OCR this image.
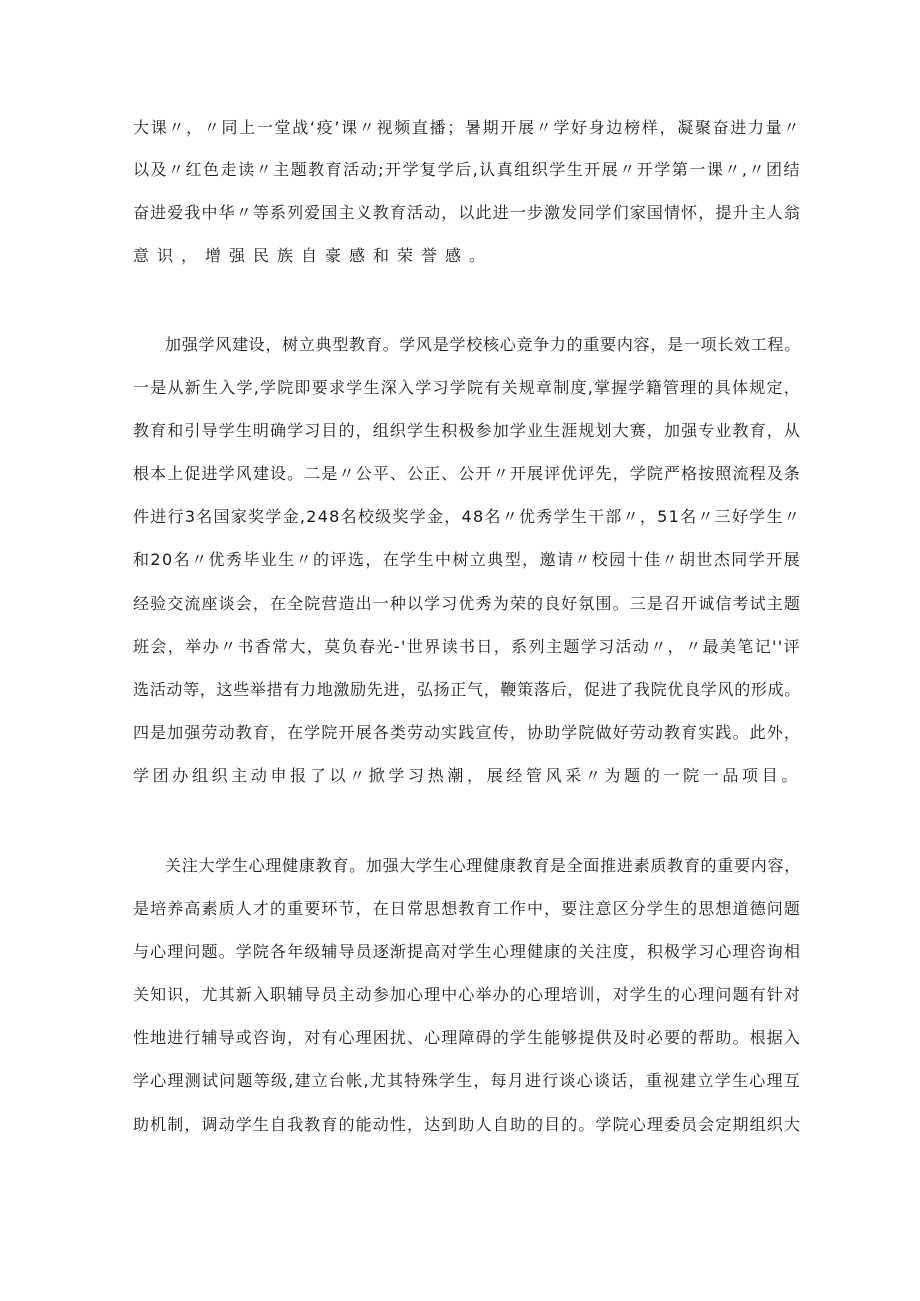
大课〃，〃同上一堂战‘疫’课〃视频直播；暑期开展〃学好身边榜样，凝聚奋进力量〃
以及〃红色走读〃主题教育活动;开学复学后,认真组织学生开展〃开学第一课〃,〃团结
奋进爱我中华〃等系列爱国主义教育活动，以此进一步激发同学们家国情怀，提升主人翁
意识，增强民族自豪感和荣誉感。
加强学风建设，树立典型教育。学风是学校核心竞争力的重要内容，是一项长效工程。
一是从新生入学,学院即要求学生深入学习学院有关规章制度,掌握学籍管理的具体规定，
教育和引导学生明确学习目的，组织学生积极参加学业生涯规划大赛，加强专业教育，从
根本上促进学风建设。二是〃公平、公正、公开〃开展评优评先，学院严格按照流程及条
件进行3名国家奖学金,248名校级奖学金，48名〃优秀学生干部〃，51名〃三好学生〃
和20名〃优秀毕业生〃的评选，在学生中树立典型，邀请〃校园十佳〃胡世杰同学开展
经验交流座谈会，在全院营造出一种以学习优秀为荣的良好氛围。三是召开诚信考试主题
班会，举办〃书香常大，莫负春光-'世界读书日，系列主题学习活动〃，〃最美笔记''评
选活动等，这些举措有力地激励先进，弘扬正气，鞭策落后，促进了我院优良学风的形成。
四是加强劳动教育，在学院开展各类劳动实践宣传，协助学院做好劳动教育实践。此外，
学团办组织主动申报了以〃掀学习热潮，展经管风采〃为题的一院一品项目。
关注大学生心理健康教育。加强大学生心理健康教育是全面推进素质教育的重要内容，
是培养高素质人才的重要环节，在日常思想教育工作中，要注意区分学生的思想道德问题
与心理问题。学院各年级辅导员逐渐提高对学生心理健康的关注度，积极学习心理咨询相
关知识，尤其新入职辅导员主动参加心理中心举办的心理培训，对学生的心理问题有针对
性地进行辅导或咨询，对有心理困扰、心理障碍的学生能够提供及时必要的帮助。根据入
学心理测试问题等级,建立台帐,尤其特殊学生，每月进行谈心谈话，重视建立学生心理互
助机制，调动学生自我教育的能动性，达到助人自助的目的。学院心理委员会定期组织大
